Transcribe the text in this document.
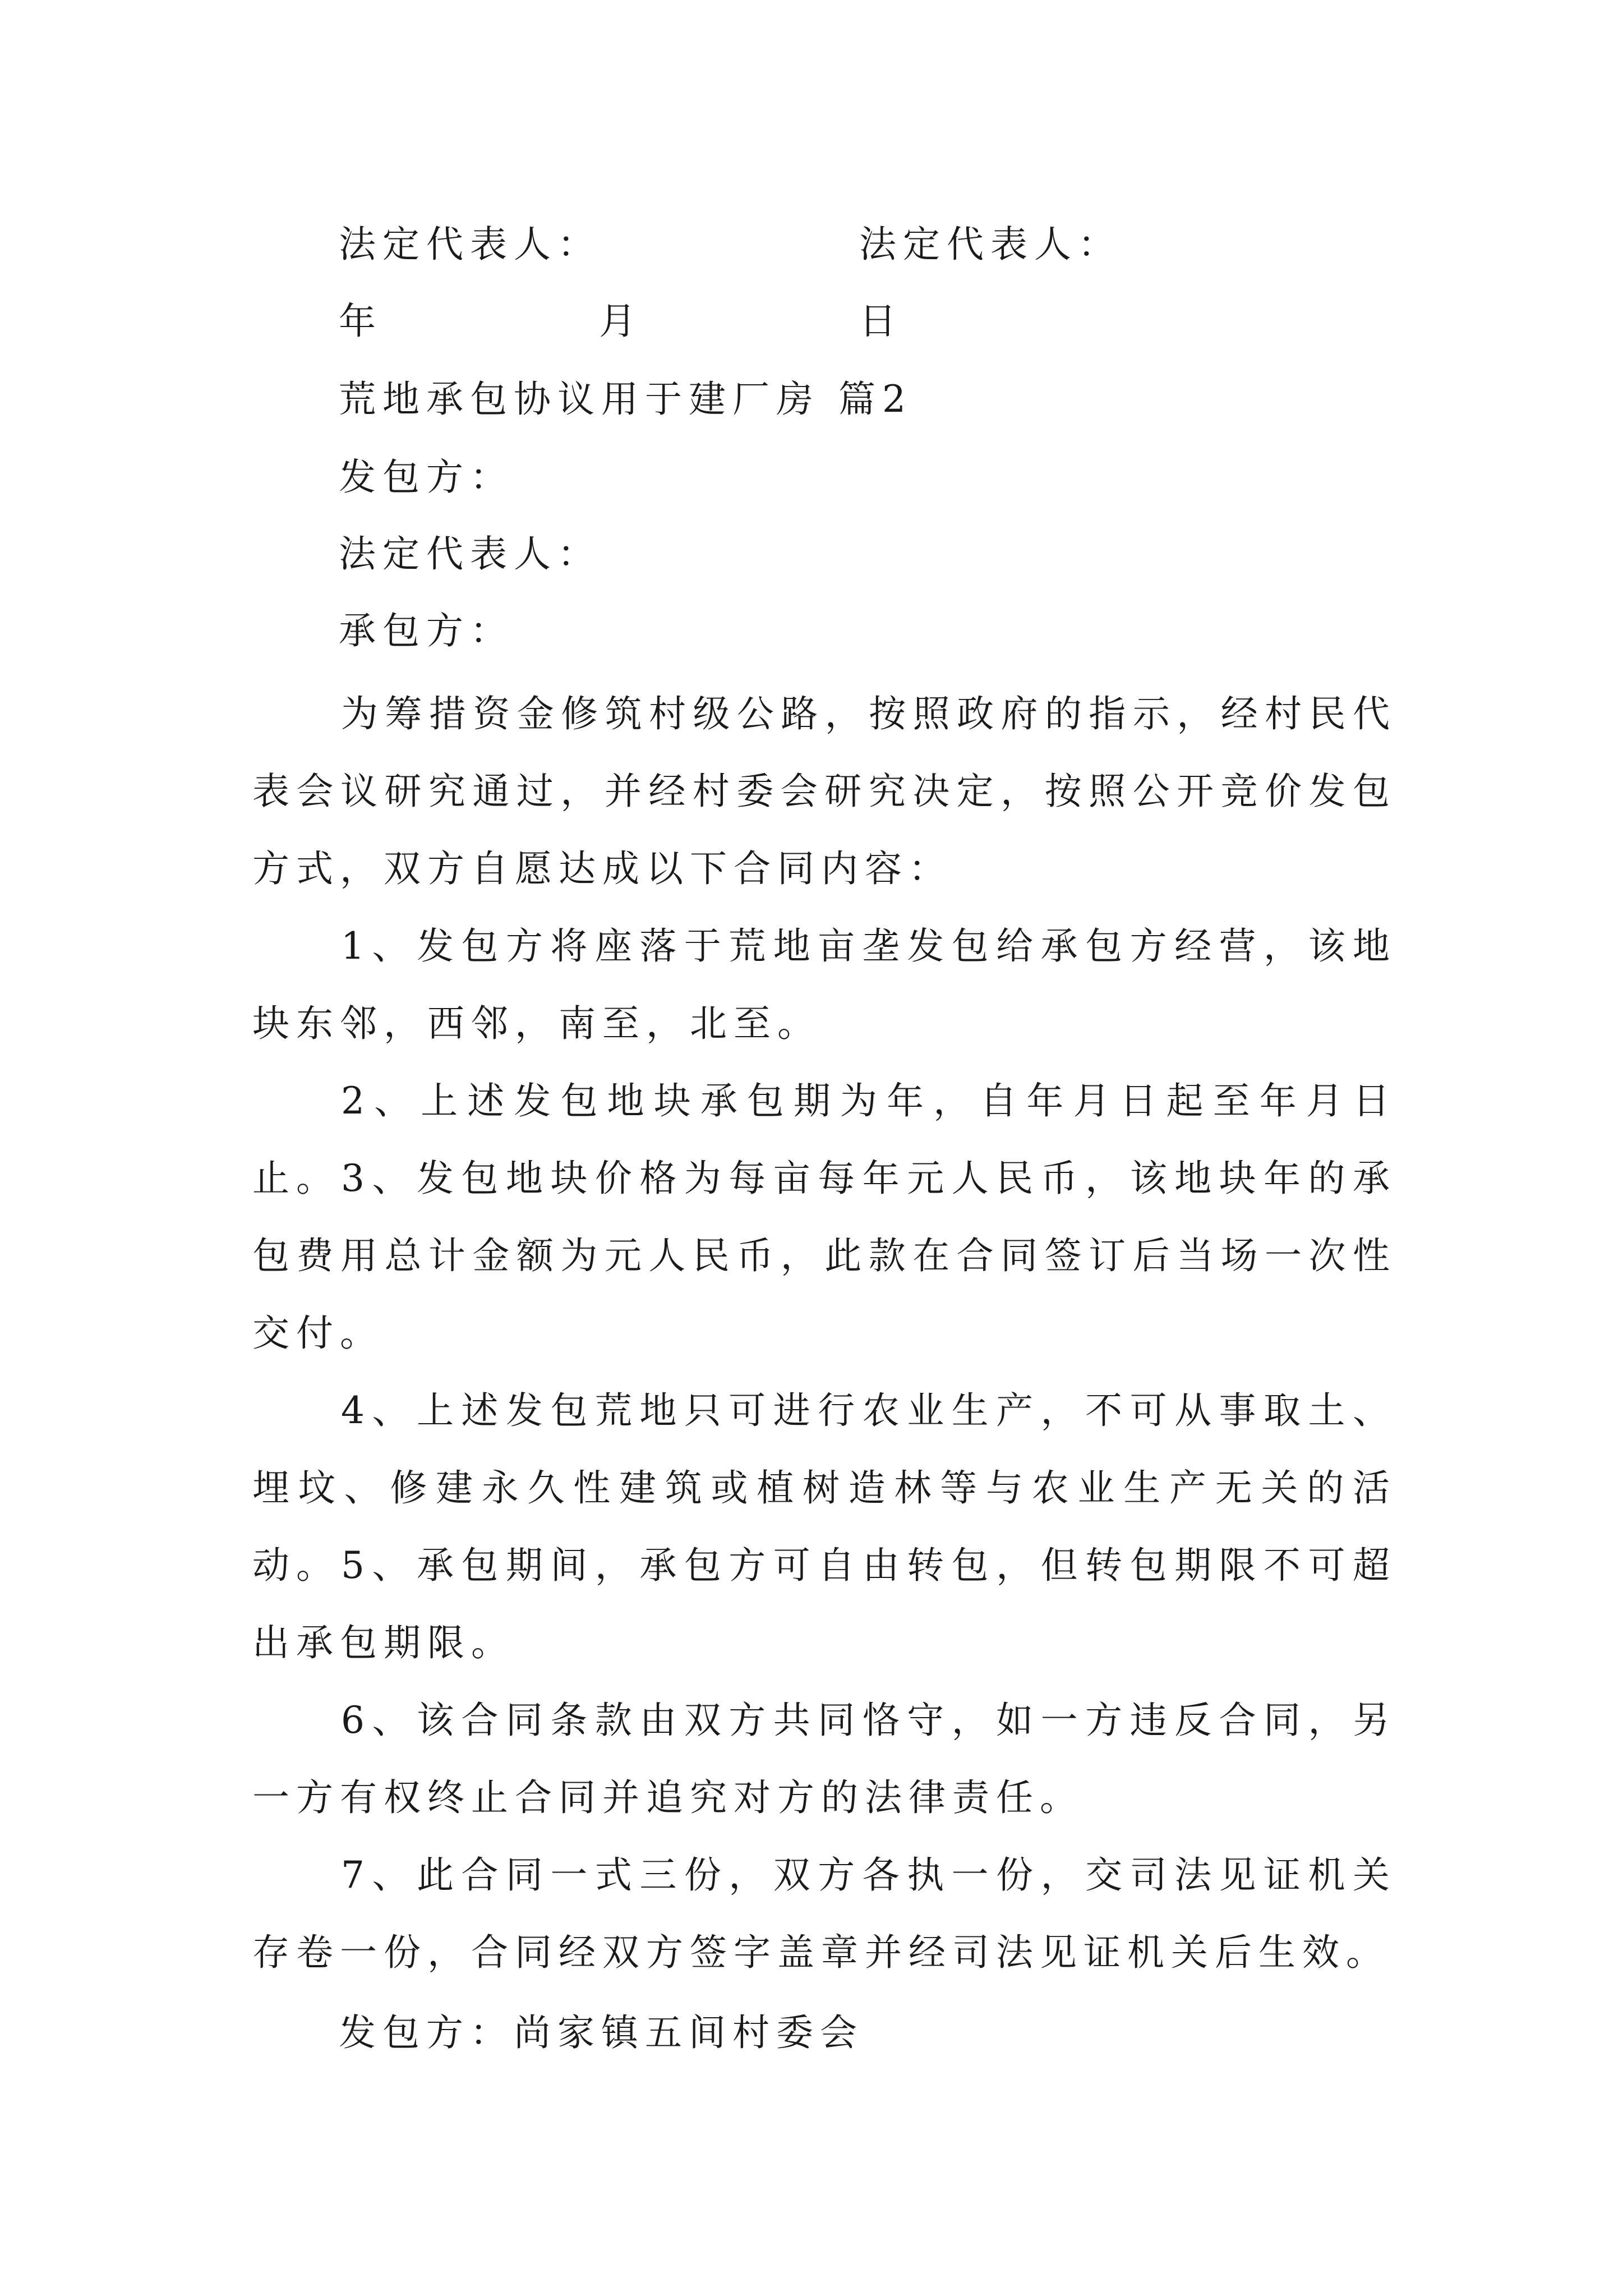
法定代表人：	法定代表人：
年	月	日
荒地承包协议用于建厂房 篇2
发包方：
法定代表人：
承包方：
为筹措资金修筑村级公路，按照政府的指示，经村民代表会议研究通过，并经村委会研究决定，按照公开竞价发包方式，双方自愿达成以下合同内容：
1、发包方将座落于荒地亩垄发包给承包方经营，该地块东邻，西邻，南至，北至。
2、上述发包地块承包期为年，自年月日起至年月日止。 3、发包地块价格为每亩每年元人民币，该地块年的承包费用总计金额为元人民币，此款在合同签订后当场一次性交付。
4、上述发包荒地只可进行农业生产，不可从事取土、埋坟、修建永久性建筑或植树造林等与农业生产无关的活动。 5、承包期间，承包方可自由转包，但转包期限不可超出承包期限。
6、该合同条款由双方共同恪守，如一方违反合同，另一方有权终止合同并追究对方的法律责任。
7、此合同一式三份，双方各执一份，交司法见证机关存卷一份，合同经双方签字盖章并经司法见证机关后生效。
发包方：尚家镇五间村委会
